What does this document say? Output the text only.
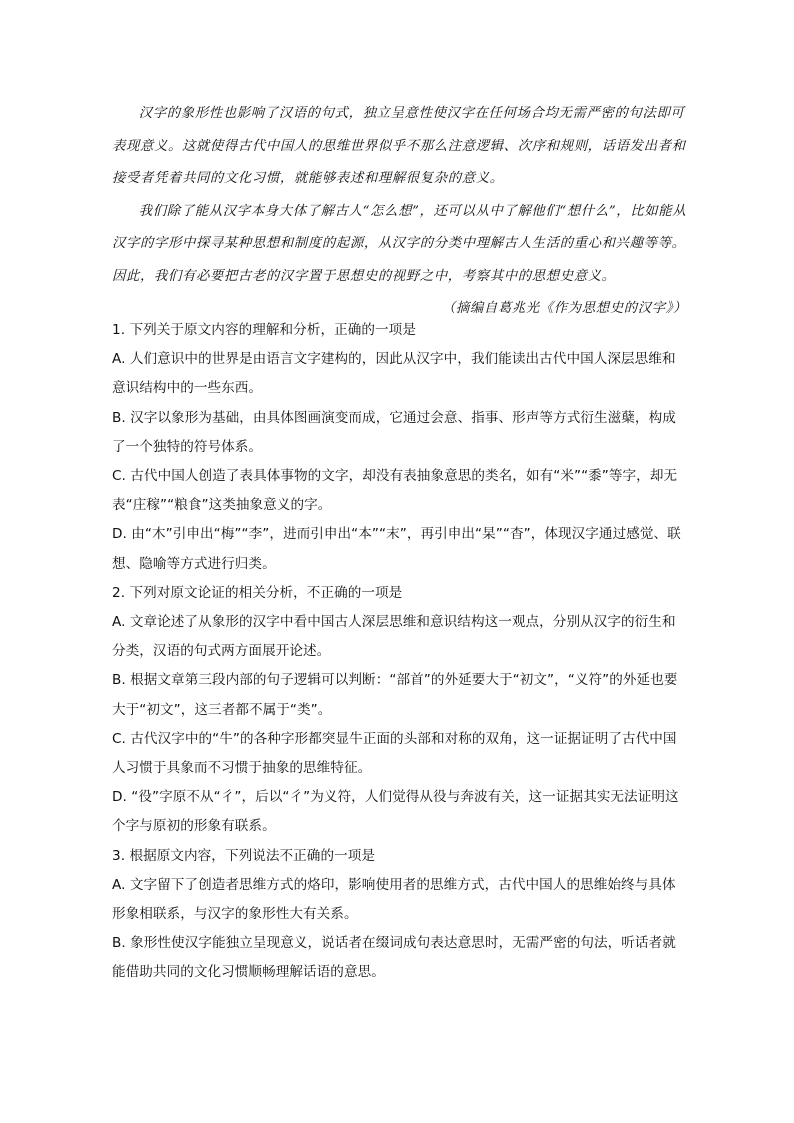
汉字的象形性也影响了汉语的句式，独立呈意性使汉字在任何场合均无需严密的句法即可表现意义。这就使得古代中国人的思维世界似乎不那么注意逻辑、次序和规则，话语发出者和接受者凭着共同的文化习惯，就能够表述和理解很复杂的意义。

我们除了能从汉字本身大体了解古人“怎么想”，还可以从中了解他们“想什么”，比如能从汉字的字形中探寻某种思想和制度的起源，从汉字的分类中理解古人生活的重心和兴趣等等。因此，我们有必要把古老的汉字置于思想史的视野之中，考察其中的思想史意义。

（摘编自葛兆光《作为思想史的汉字》）

1. 下列关于原文内容的理解和分析，正确的一项是

A. 人们意识中的世界是由语言文字建构的，因此从汉字中，我们能读出古代中国人深层思维和意识结构中的一些东西。

B. 汉字以象形为基础，由具体图画演变而成，它通过会意、指事、形声等方式衍生滋蘖，构成了一个独特的符号体系。

C. 古代中国人创造了表具体事物的文字，却没有表抽象意思的类名，如有“米”“黍”等字，却无表“庄稼”“粮食”这类抽象意义的字。

D. 由“木”引申出“梅”“李”，进而引申出“本”“末”，再引申出“杲”“杳”，体现汉字通过感觉、联想、隐喻等方式进行归类。

2. 下列对原文论证的相关分析，不正确的一项是

A. 文章论述了从象形的汉字中看中国古人深层思维和意识结构这一观点，分别从汉字的衍生和分类，汉语的句式两方面展开论述。

B. 根据文章第三段内部的句子逻辑可以判断：“部首”的外延要大于“初文”，“义符”的外延也要大于“初文”，这三者都不属于“类”。

C. 古代汉字中的“牛”的各种字形都突显牛正面的头部和对称的双角，这一证据证明了古代中国人习惯于具象而不习惯于抽象的思维特征。

D. “役”字原不从“彳”，后以“彳”为义符，人们觉得从役与奔波有关，这一证据其实无法证明这个字与原初的形象有联系。

3. 根据原文内容，下列说法不正确的一项是

A. 文字留下了创造者思维方式的烙印，影响使用者的思维方式，古代中国人的思维始终与具体形象相联系，与汉字的象形性大有关系。

B. 象形性使汉字能独立呈现意义，说话者在缀词成句表达意思时，无需严密的句法，听话者就能借助共同的文化习惯顺畅理解话语的意思。
